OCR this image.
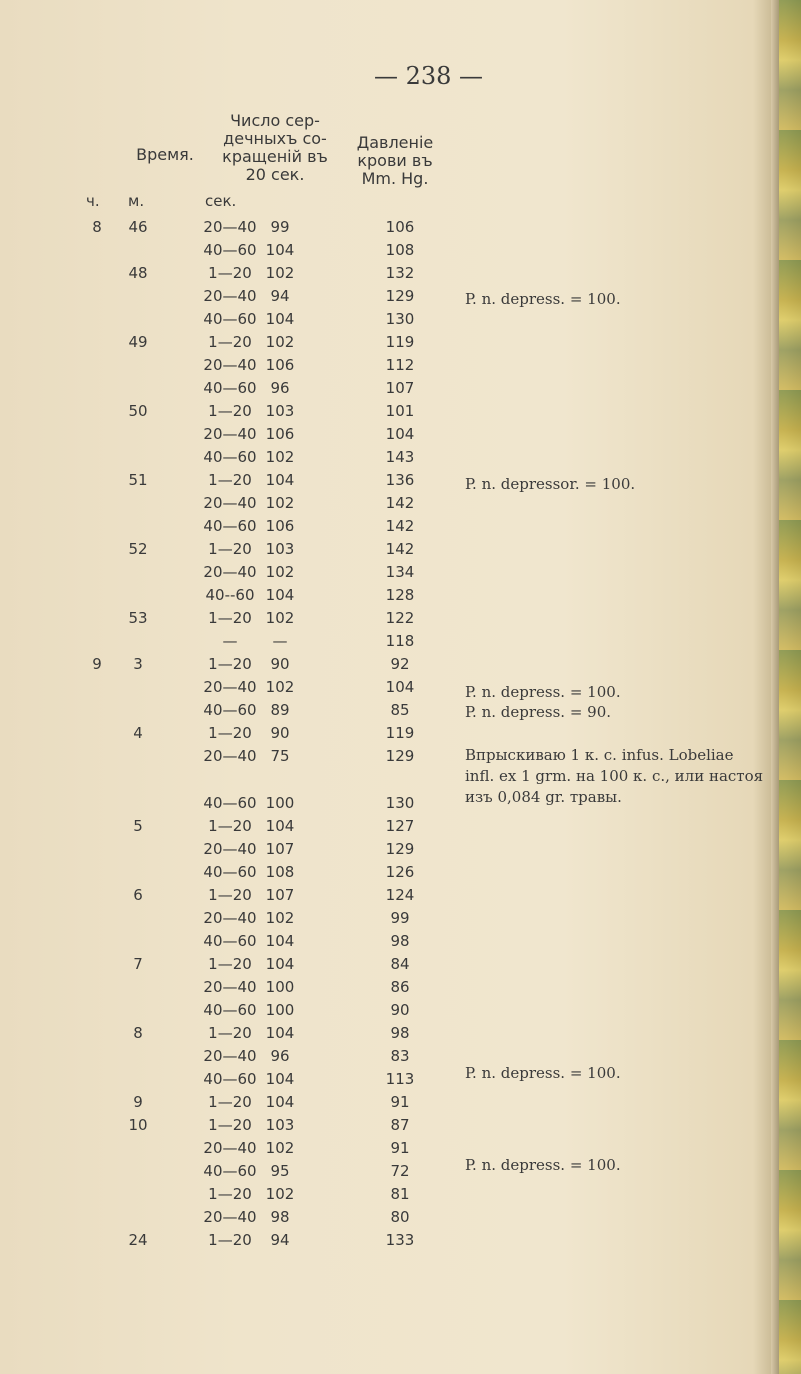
— 238 —
Время.
Число сер-
дечныхъ со-
кращеній въ
20 сек.
Давленіе
крови въ
Mm. Hg.
ч. м.	сек.
8	46	20—40 99	106
40—60 104	108
48	1—20 102	132
20—40 94	129
40—60 104	130
49	1—20 102	119
20—40 106	112
40—60 96	107
50	1—20 103	101
20—40 106	104
40—60 102	143
51	1—20 104	136
20—40 102	142
40—60 106	142
52	1—20 103	142
20—40 102	134
40--60 104	128
53	1—20 102	122
—	—	118
9	3	1—20	90	92
20—40 102	104
40—60 89	85
4	1—20	90	119
20—40 75	129
40—60 100	130
5	1—20 104	127
20—40 107	129
40—60 108	126
6	1—20 107	124
20—40 102	99
40—60 104	98
7	1—20 104	84
20—40 100	86
40—60 100	90
8	1—20 104	98
20—40 96	83
40—60 104	113
9	1—20 104	91
10	1—20 103	87
20—40 102	91
40—60 95	72
1—20 102	81
20—40 98	80
24	1—20	94	133
P. n. depress. = 100.
P. n. depressor. = 100.
P. n. depress. = 100.
P. n. depress. = 90.
Впрыскиваю 1 к. с. infus. Lobeliae
infl. ex 1 grm. на 100 к. с., или настоя
изъ 0,084 gr. травы.
P. n. depress. = 100.
P. n. depress. = 100.
